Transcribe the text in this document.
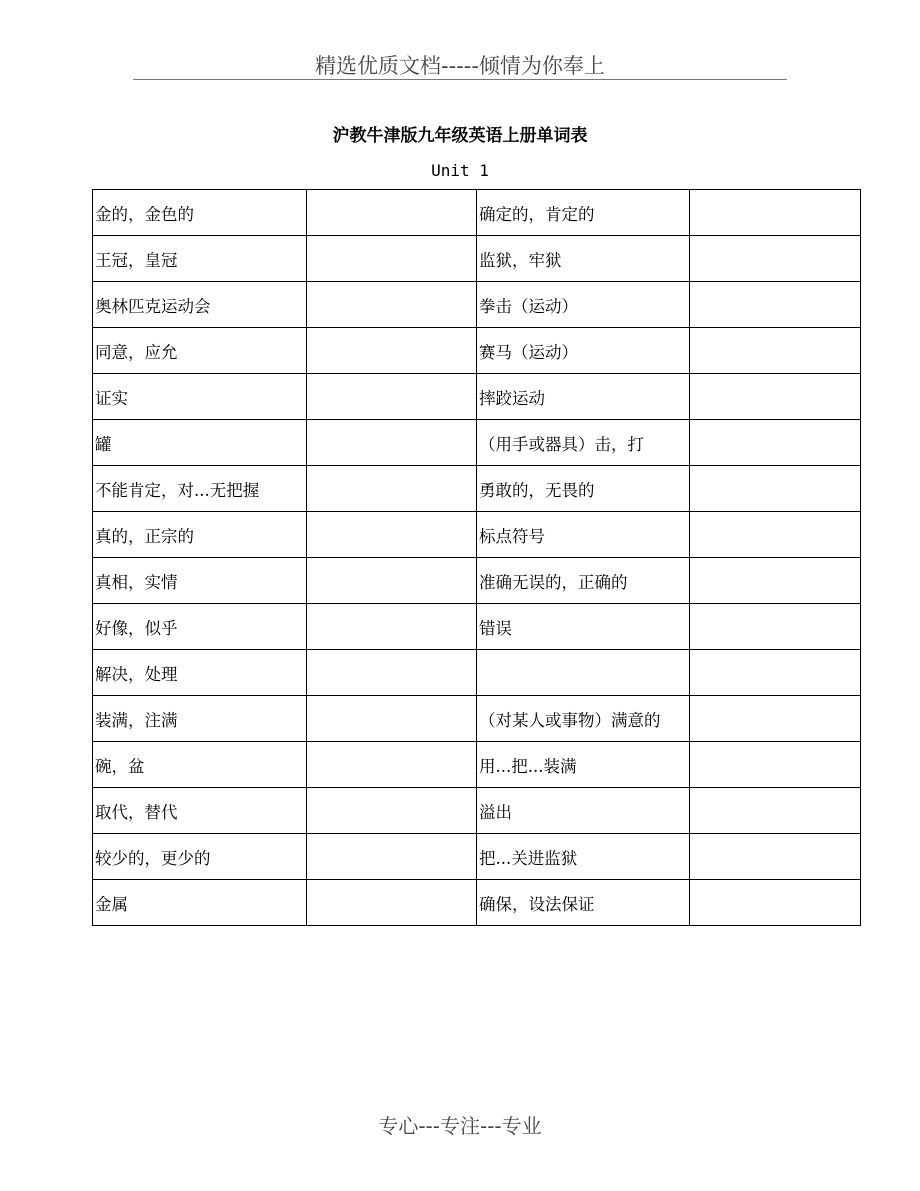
精选优质文档-----倾情为你奉上
沪教牛津版九年级英语上册单词表
Unit 1
金的，金色的		确定的，肯定的	
王冠，皇冠		监狱，牢狱	
奥林匹克运动会		拳击（运动）	
同意，应允		赛马（运动）	
证实		摔跤运动	
罐		（用手或器具）击，打	
不能肯定，对...无把握		勇敢的，无畏的	
真的，正宗的		标点符号	
真相，实情		准确无误的，正确的	
好像，似乎		错误	
解决，处理			
装满，注满		（对某人或事物）满意的	
碗，盆		用...把...装满	
取代，替代		溢出	
较少的，更少的		把...关进监狱	
金属		确保，设法保证	
专心---专注---专业
